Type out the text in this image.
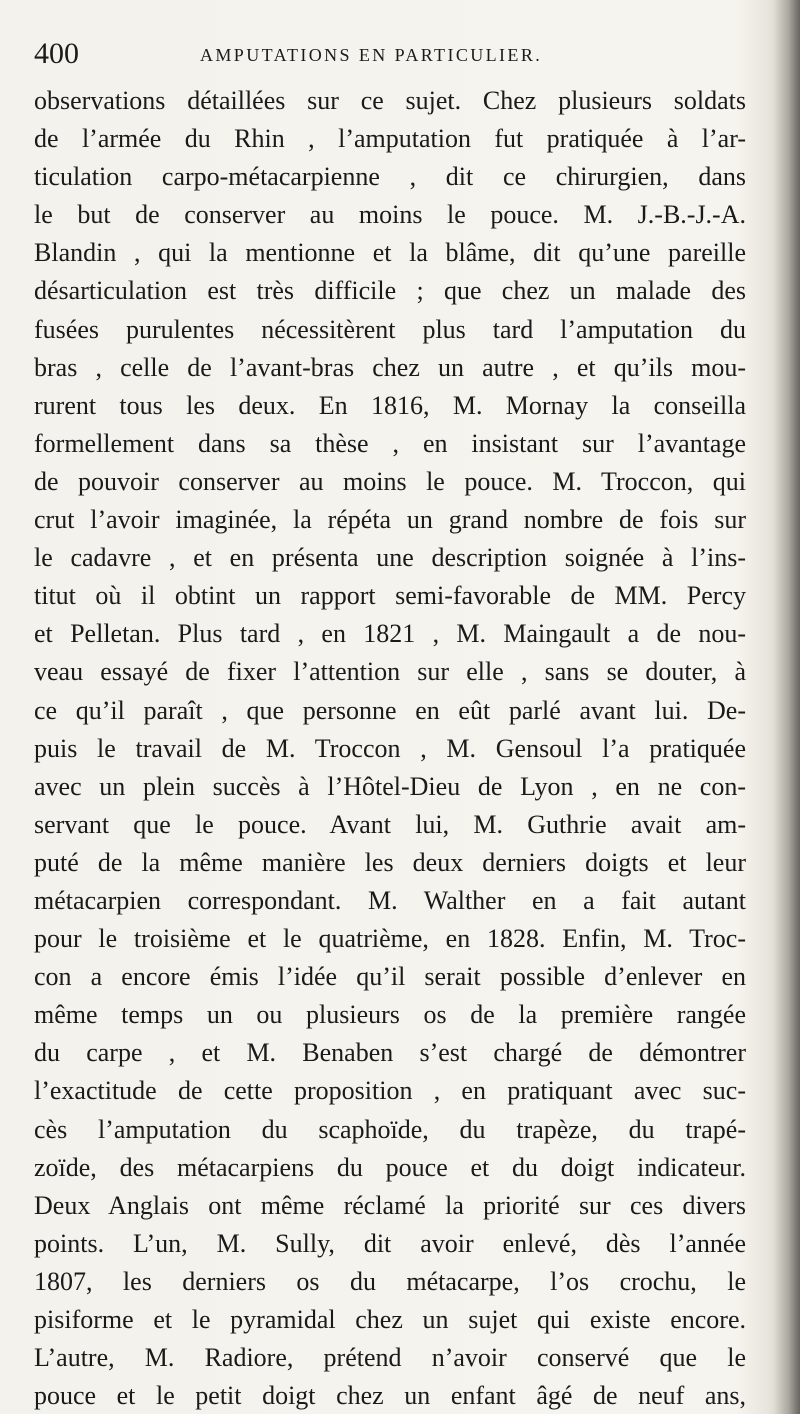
400	AMPUTATIONS EN PARTICULIER.
observations détaillées sur ce sujet. Chez plusieurs soldats
de l’armée du Rhin , l’amputation fut pratiquée à l’ar-
ticulation carpo-métacarpienne , dit ce chirurgien, dans
le but de conserver au moins le pouce. M. J.-B.-J.-A.
Blandin , qui la mentionne et la blâme, dit qu’une pareille
désarticulation est très difficile ; que chez un malade des
fusées purulentes nécessitèrent plus tard l’amputation du
bras , celle de l’avant-bras chez un autre , et qu’ils mou-
rurent tous les deux. En 1816, M. Mornay la conseilla
formellement dans sa thèse , en insistant sur l’avantage
de pouvoir conserver au moins le pouce. M. Troccon, qui
crut l’avoir imaginée, la répéta un grand nombre de fois sur
le cadavre , et en présenta une description soignée à l’ins-
titut où il obtint un rapport semi-favorable de MM. Percy
et Pelletan. Plus tard , en 1821 , M. Maingault a de nou-
veau essayé de fixer l’attention sur elle , sans se douter, à
ce qu’il paraît , que personne en eût parlé avant lui. De-
puis le travail de M. Troccon , M. Gensoul l’a pratiquée
avec un plein succès à l’Hôtel-Dieu de Lyon , en ne con-
servant que le pouce. Avant lui, M. Guthrie avait am-
puté de la même manière les deux derniers doigts et leur
métacarpien correspondant. M. Walther en a fait autant
pour le troisième et le quatrième, en 1828. Enfin, M. Troc-
con a encore émis l’idée qu’il serait possible d’enlever en
même temps un ou plusieurs os de la première rangée
du carpe , et M. Benaben s’est chargé de démontrer
l’exactitude de cette proposition , en pratiquant avec suc-
cès l’amputation du scaphoïde, du trapèze, du trapé-
zoïde, des métacarpiens du pouce et du doigt indicateur.
Deux Anglais ont même réclamé la priorité sur ces divers
points. L’un, M. Sully, dit avoir enlevé, dès l’année
1807, les derniers os du métacarpe, l’os crochu, le
pisiforme et le pyramidal chez un sujet qui existe encore.
L’autre, M. Radiore, prétend n’avoir conservé que le
pouce et le petit doigt chez un enfant âgé de neuf ans,
